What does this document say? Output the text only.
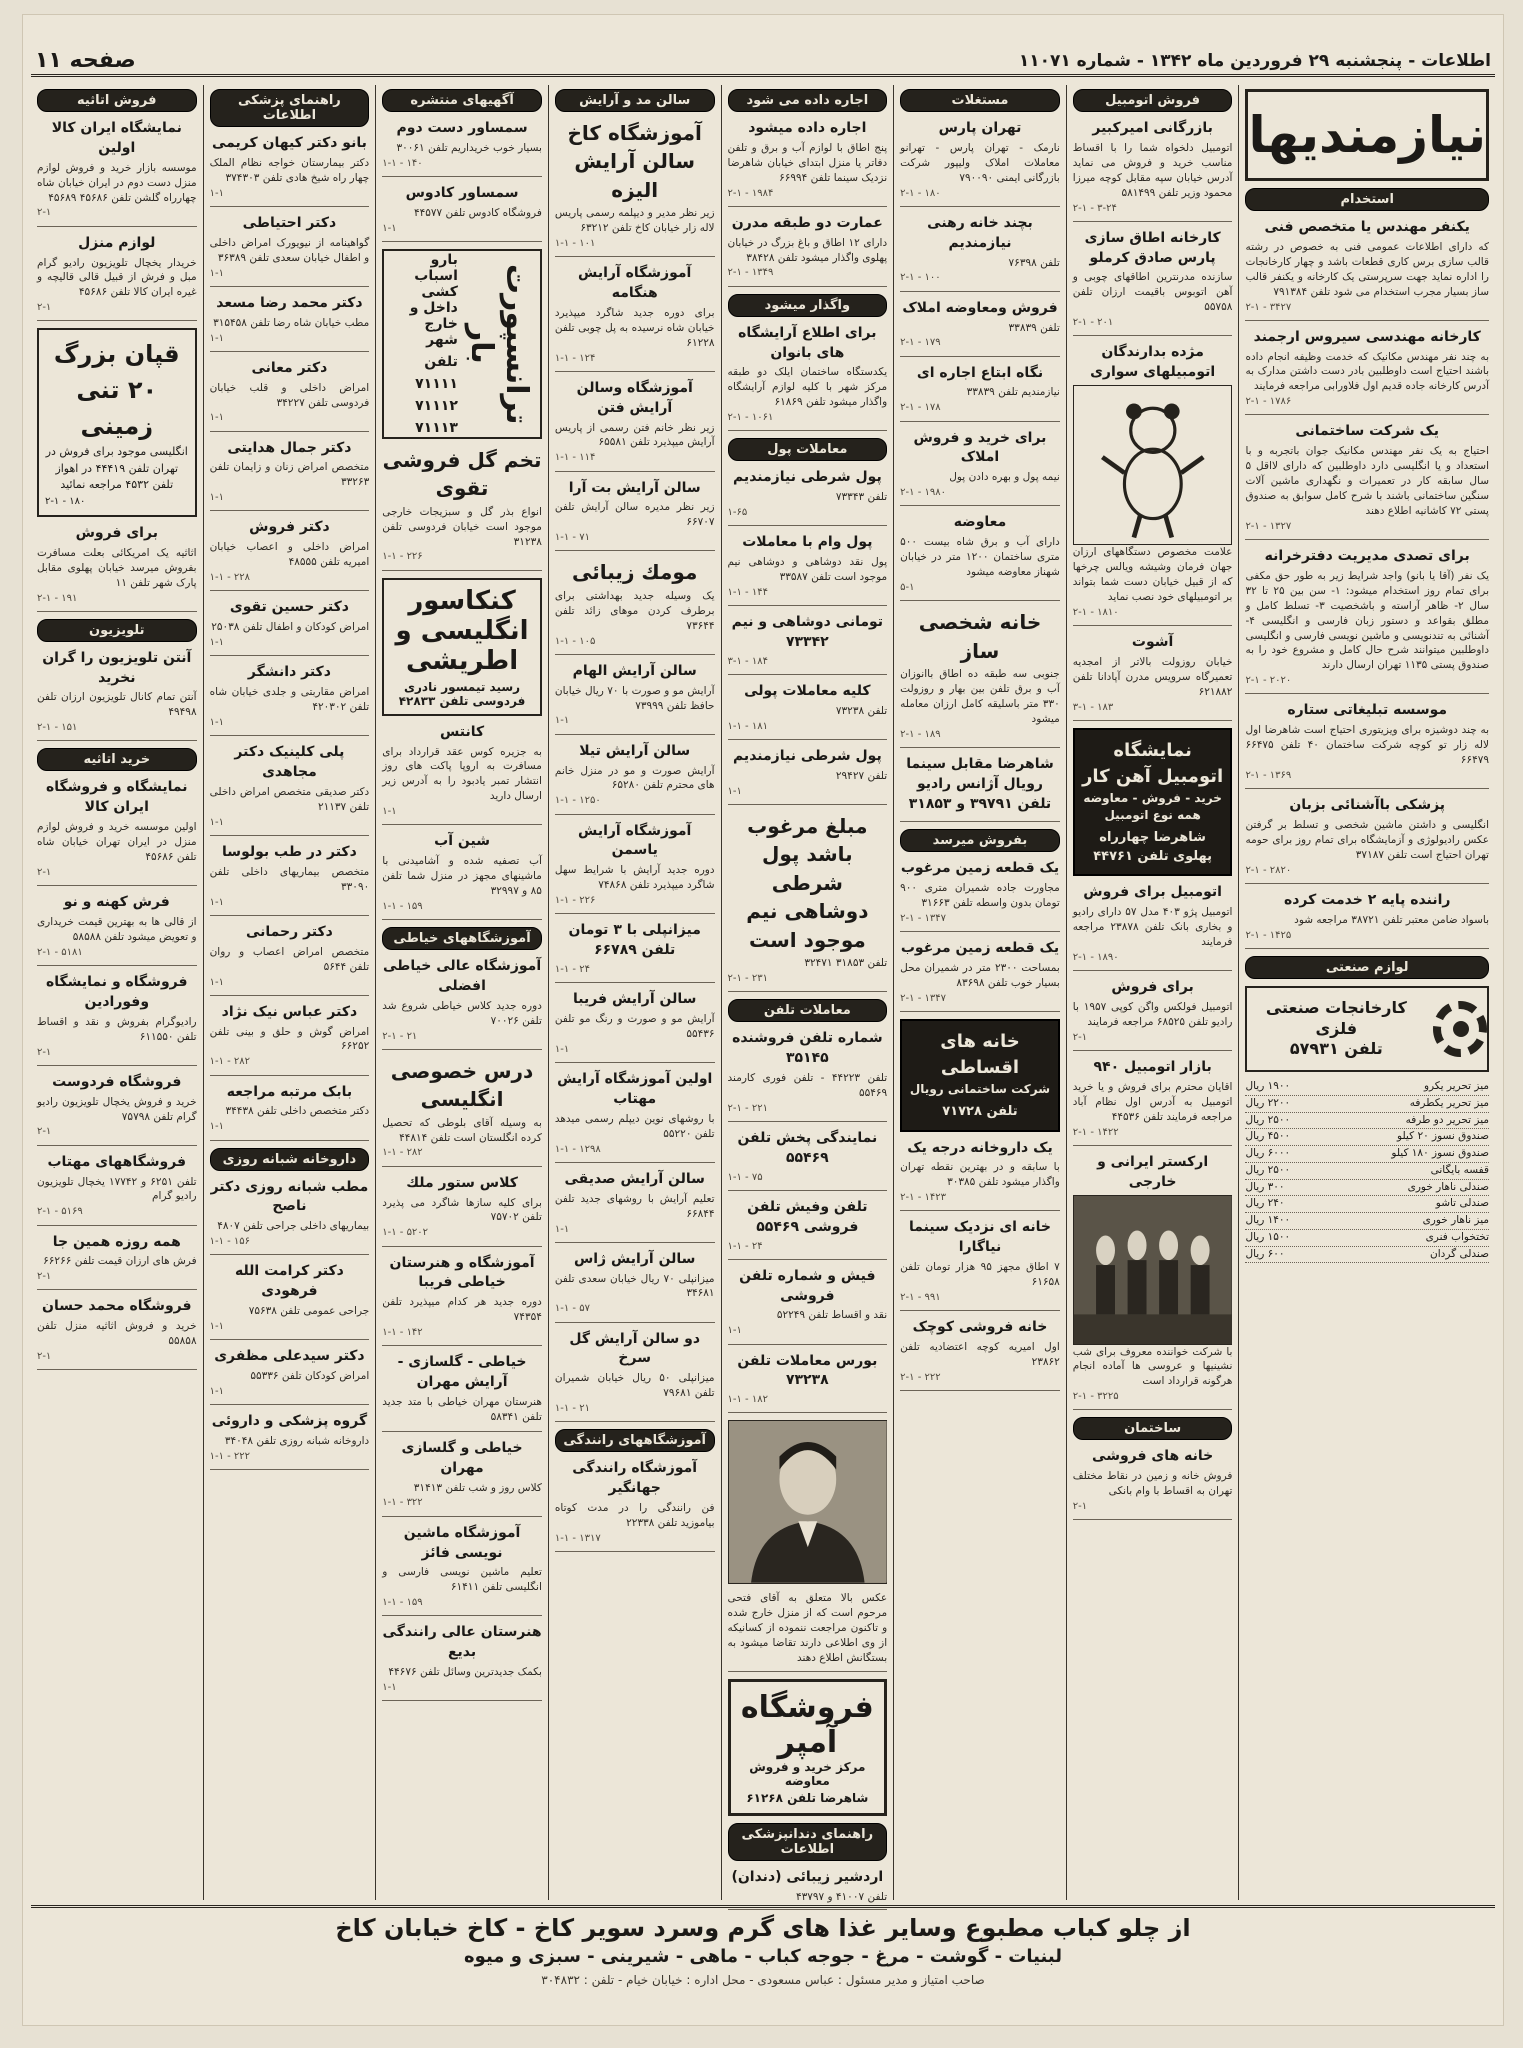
اطلاعات - پنجشنبه ۲۹ فروردین ماه ۱۳۴۲ - شماره ۱۱۰۷۱
صفحه ۱۱
نیازمندیها
استخدام
یکنفر مهندس یا متخصص فنی
که دارای اطلاعات عمومی فنی به خصوص در رشته قالب سازی برس کاری قطعات باشد و چهار کارخانجات را اداره نماید جهت سرپرستی یک کارخانه و یکنفر قالب ساز بسیار مجرب استخدام می شود تلفن ۷۹۱۳۸۴
۳۴۲۷ - ۲-۱
کارخانه مهندسی سیروس ارجمند
به چند نفر مهندس مکانیک که خدمت وظیفه انجام داده باشند احتیاج است داوطلبین بادر دست داشتن مدارک به آدرس کارخانه جاده قدیم اول فلاورابی مراجعه فرمایند
۱۷۸۶ - ۲-۱
یک شرکت ساختمانی
احتیاج به یک نفر مهندس مکانیک جوان باتجربه و با استعداد و یا انگلیسی دارد داوطلبین که دارای لااقل ۵ سال سابقه کار در تعمیرات و نگهداری ماشین آلات سنگین ساختمانی باشند با شرح کامل سوابق به صندوق پستی ۷۲ کاشانیه اطلاع دهند
۱۳۲۷ - ۲-۱
برای تصدی مدیریت دفترخرانه
یک نفر (آقا یا بانو) واجد شرایط زیر به طور حق مکفی برای تمام روز استخدام میشود: ۱- سن بین ۲۵ تا ۳۲ سال ۲- ظاهر آراسته و باشخصیت ۳- تسلط کامل و مطلق بقواعد و دستور زبان فارسی و انگلیسی ۴- آشنائی به تندنویسی و ماشین نویسی فارسی و انگلیسی داوطلبین میتوانند شرح حال کامل و مشروع خود را به صندوق پستی ۱۱۳۵ تهران ارسال دارند
۲۰۲۰ - ۲-۱
موسسه تبلیغاتی ستاره
به چند دوشیزه برای ویزیتوری احتیاج است شاهرضا اول لاله زار تو کوچه شرکت ساختمان ۴۰ تلفن ۶۶۴۷۵ ۶۶۴۷۹
۱۳۶۹ - ۲-۱
پزشکی باآشنائی بزبان
انگلیسی و داشتن ماشین شخصی و تسلط بر گرفتن عکس رادیولوژی و آزمایشگاه برای تمام روز برای حومه تهران احتیاج است تلفن ۳۷۱۸۷
۲۸۲۰ - ۲-۱
راننده پایه ۲ خدمت کرده
باسواد ضامن معتبر تلفن ۳۸۷۲۱ مراجعه شود
۱۴۲۵ - ۲-۱
لوازم صنعتی
کارخانجات صنعتی فلزی
تلفن ۵۷۹۳۱
میز تحریر یکرو
۱۹۰۰ ریال
میز تحریر یکطرفه
۲۲۰۰ ریال
میز تحریر دو طرفه
۲۵۰۰ ریال
صندوق نسوز ۲۰ کیلو
۴۵۰۰ ریال
صندوق نسوز ۱۸۰ کیلو
۶۰۰۰ ریال
قفسه بایگانی
۲۵۰۰ ریال
صندلی ناهار خوری
۳۰۰ ریال
صندلی تاشو
۲۴۰ ریال
میز ناهار خوری
۱۴۰۰ ریال
تختخواب فنری
۱۵۰۰ ریال
صندلی گردان
۶۰۰ ریال
فروش اتومبیل
بازرگانی امیرکبیر
اتومبیل دلخواه شما را با اقساط مناسب خرید و فروش می نماید آدرس خیابان سپه مقابل کوچه میرزا محمود وزیر تلفن ۵۸۱۴۹۹
۳-۲۴ - ۲-۱
کارخانه اطاق سازی پارس صادق کرملو
سازنده مدرنترین اطاقهای چوبی و آهن اتوبوس باقیمت ارزان تلفن ۵۵۷۵۸
۲۰۱ - ۲-۱
مژده بدارندگان اتومبیلهای سواری
علامت مخصوص دستگاههای ارزان جهان فرمان وشیشه ویالس چرخها که از قبیل خیابان دست شما بتواند بر اتومبیلهای خود نصب نماید
۱۸۱۰ - ۲-۱
آشوت
خیابان روزولت بالاتر از امجدیه تعمیرگاه سرویس مدرن آپادانا تلفن ۶۲۱۸۸۲
۱۸۳ - ۳-۱
نمایشگاه اتومبیل آهن کار
خرید - فروش - معاوضه
همه نوع اتومبیل
شاهرضا چهارراه پهلوی تلفن ۴۴۷۶۱
اتومبیل برای فروش
اتومبیل پژو ۴۰۳ مدل ۵۷ دارای رادیو و بخاری بانک تلفن ۲۳۸۷۸ مراجعه فرمایند
۱۸۹۰ - ۲-۱
برای فروش
اتومبیل فولکس واگن کوپی ۱۹۵۷ با رادیو تلفن ۶۸۵۲۵ مراجعه فرمایند
۲-۱
بازار اتومبیل ۹۴۰
اقایان محترم برای فروش و یا خرید اتومبیل به آدرس اول نظام آباد مراجعه فرمایند تلفن ۴۴۵۳۶
۱۴۲۲ - ۲-۱
ارکستر ایرانی و خارجی
با شرکت خواننده معروف برای شب نشینیها و عروسی ها آماده انجام هرگونه قرارداد است
۳۲۲۵ - ۲-۱
ساختمان
خانه های فروشی
فروش خانه و زمین در نقاط مختلف تهران به اقساط با وام بانکی
۲-۱
مستغلات
تهران پارس
نارمک - تهران پارس - تهرانو معاملات املاک ولیپور شرکت بازرگانی ایمنی ۷۹۰۰۹۰
۱۸۰ - ۲-۱
بچند خانه رهنی نیازمندیم
تلفن ۷۶۳۹۸
۱۰۰ - ۲-۱
فروش ومعاوضه املاک
تلفن ۳۳۸۳۹
۱۷۹ - ۲-۱
نگاه ابتاع اجاره ای
نیازمندیم تلفن ۳۳۸۳۹
۱۷۸ - ۲-۱
برای خرید و فروش املاک
نیمه پول و بهره دادن پول
۱۹۸۰ - ۲-۱
معاوضه
دارای آب و برق شاه بیست ۵۰۰ متری ساختمان ۱۲۰۰ متر در خیابان شهناز معاوضه میشود
۵-۱
خانه شخصی ساز
جنوبی سه طبقه ده اطاق باانوزان آب و برق تلفن بین بهار و روزولت ۳۳۰ متر باسلیقه کامل ارزان معامله میشود
۱۸۹ - ۲-۱
شاهرضا مقابل سینما رویال آژانس رادیو تلفن ۳۹۷۹۱ و ۳۱۸۵۳
بفروش میرسد
یک قطعه زمین مرغوب
مجاورت جاده شمیران متری ۹۰۰ تومان بدون واسطه تلفن ۳۱۶۶۳
۱۳۴۷ - ۲-۱
یک قطعه زمین مرغوب
بمساحت ۲۳۰۰ متر در شمیران محل بسیار خوب تلفن ۸۳۶۹۸
۱۳۴۷ - ۲-۱
خانه های اقساطی
شرکت ساختمانی رویال
تلفن ۷۱۷۲۸
یک داروخانه درجه یک
با سابقه و در بهترین نقطه تهران واگذار میشود تلفن ۳۰۳۸۵
۱۴۲۳ - ۲-۱
خانه ای نزدیک سینما نیاگارا
۷ اطاق مجهز ۹۵ هزار تومان تلفن ۶۱۶۵۸
۹۹۱ - ۲-۱
خانه فروشی کوچک
اول امیریه کوچه اعتضادیه تلفن ۲۳۸۶۲
۲۲۲ - ۲-۱
اجاره داده می شود
اجاره داده میشود
پنج اطاق با لوازم آب و برق و تلفن دفاتر یا منزل ابتدای خیابان شاهرضا نزدیک سینما تلفن ۶۶۹۹۴
۱۹۸۴ - ۲-۱
عمارت دو طبقه مدرن
دارای ۱۲ اطاق و باغ بزرگ در خیابان پهلوی واگذار میشود تلفن ۳۸۴۲۸
۱۳۴۹ - ۲-۱
واگذار میشود
برای اطلاع آرایشگاه های بانوان
یکدستگاه ساختمان ایلک دو طبقه مرکز شهر با کلیه لوازم آرایشگاه واگذار میشود تلفن ۶۱۸۶۹
۱۰۶۱ - ۲-۱
معاملات پول
پول شرطی نیازمندیم
تلفن ۷۳۳۴۳
۱-۶۵
پول وام با معاملات
پول نقد دوشاهی و دوشاهی نیم موجود است تلفن ۳۳۵۸۷
۱۴۴ - ۱-۱
تومانی دوشاهی و نیم ۷۳۳۴۲
۱۸۴ - ۳-۱
کلیه معاملات پولی
تلفن ۷۳۲۳۸
۱۸۱ - ۱-۱
پول شرطی نیازمندیم
تلفن ۲۹۴۲۷
۱-۱
مبلغ مرغوب باشد پول شرطی دوشاهی نیم موجود است
تلفن ۳۱۸۵۳ ۳۲۴۷۱
۲۳۱ - ۲-۱
معاملات تلفن
شماره تلفن فروشنده ۳۵۱۴۵
تلفن ۴۴۲۲۳ - تلفن فوری کارمند ۵۵۴۶۹
۲۲۱ - ۲-۱
نمایندگی پخش تلفن ۵۵۴۶۹
۷۵ - ۱-۱
تلفن وفیش تلفن فروشی ۵۵۴۶۹
۲۴ - ۱-۱
فیش و شماره تلفن فروشی
نقد و اقساط تلفن ۵۲۲۴۹
۱-۱
بورس معاملات تلفن ۷۳۲۳۸
۱۸۲ - ۱-۱
عکس بالا متعلق به آقای فتحی مرحوم است که از منزل خارج شده و تاکنون مراجعت ننموده از کسانیکه از وی اطلاعی دارند تقاضا میشود به بستگانش اطلاع دهند
فروشگاه آمپر
مرکز خرید و فروش معاوضه
شاهرضا تلفن ۶۱۲۶۸
راهنمای دندانپزشکی اطلاعات
اردشیر زیبائی (دندان)
تلفن ۴۱۰۰۷ و ۴۳۷۹۷
سالن مد و آرایش
آموزشگاه کاخ سالن آرایش الیزه
زیر نظر مدیر و دیپلمه رسمی پاریس لاله زار خیابان کاخ تلفن ۶۳۲۱۲
۱۰۱ - ۱-۱
آموزشگاه آرایش هنگامه
برای دوره جدید شاگرد میپذیرد خیابان شاه نرسیده به پل چوبی تلفن ۶۱۲۲۸
۱۲۴ - ۱-۱
آموزشگاه وسالن آرایش فتن
زیر نظر خانم فتن رسمی از پاریس آرایش میپذیرد تلفن ۶۵۵۸۱
۱۱۴ - ۱-۱
سالن آرایش بت آرا
زیر نظر مدیره سالن آرایش تلفن ۶۶۷۰۷
۷۱ - ۱-۱
مومك زیبائی
یک وسیله جدید بهداشتی برای برطرف کردن موهای زائد تلفن ۷۳۶۴۴
۱۰۵ - ۱-۱
سالن آرایش الهام
آرایش مو و صورت با ۷۰ ریال خیابان حافظ تلفن ۷۳۹۹۹
۱-۱
سالن آرایش تیلا
آرایش صورت و مو در منزل خانم های محترم تلفن ۶۵۲۸۰
۱۲۵۰ - ۱-۱
آموزشگاه آرایش یاسمن
دوره جدید آرایش با شرایط سهل شاگرد میپذیرد تلفن ۷۴۸۶۸
۲۲۶ - ۱-۱
میزانپلی با ۳ تومان تلفن ۶۶۷۸۹
۲۴ - ۱-۱
سالن آرایش فریبا
آرایش مو و صورت و رنگ مو تلفن ۵۵۴۳۶
۱-۱
اولین آموزشگاه آرایش مهتاب
با روشهای نوین دیپلم رسمی میدهد تلفن ۵۵۲۲۰
۱۲۹۸ - ۱-۱
سالن آرایش صدیقی
تعلیم آرایش با روشهای جدید تلفن ۶۶۸۴۴
۱-۱
سالن آرایش ژاس
میزانپلی ۷۰ ریال خیابان سعدی تلفن ۳۴۶۸۱
۵۷ - ۱-۱
دو سالن آرایش گل سرخ
میزانپلی ۵۰ ریال خیابان شمیران تلفن ۷۹۶۸۱
۲۱ - ۱-۱
آموزشگاههای رانندگی
آموزشگاه رانندگی جهانگیر
فن رانندگی را در مدت کوتاه بیاموزید تلفن ۲۲۳۳۸
۱۳۱۷ - ۱-۱
آگهیهای منتشره
سمساور دست دوم
بسیار خوب خریداریم تلفن ۳۰۰۶۱
۱۴۰ - ۱-۱
سمساور کادوس
فروشگاه کادوس تلفن ۴۴۵۷۷
۱-۱
ترانسپورت بار
بارو اسباب کشی داخل و خارج شهر
تلفن
۷۱۱۱۱
۷۱۱۱۲
۷۱۱۱۳
تخم گل فروشی تقوی
انواع بذر گل و سبزیجات خارجی موجود است خیابان فردوسی تلفن ۳۱۲۳۸
۲۲۶ - ۱-۱
کنکاسور انگلیسی و اطریشی
رسید تیمسور نادری فردوسی تلفن ۴۲۸۳۳
کانتس
به جزیره کوس عقد قرارداد برای مسافرت به اروپا پاکت های روز انتشار تمبر یادبود را به آدرس زیر ارسال دارید
۱-۱
شین آب
آب تصفیه شده و آشامیدنی با ماشینهای مجهز در منزل شما تلفن ۸۵ و ۳۲۹۹۷
۱۵۹ - ۱-۱
آموزشگاههای خیاطی
آموزشگاه عالی خیاطی افضلی
دوره جدید کلاس خیاطی شروع شد تلفن ۷۰۰۲۶
۲۱ - ۲-۱
درس خصوصی انگلیسی
به وسیله آقای بلوطی که تحصیل کرده انگلستان است تلفن ۴۴۸۱۴
۲۸۲ - ۱-۱
کلاس ستور ملك
برای کلیه سازها شاگرد می پذیرد تلفن ۷۵۷۰۲
۵۲۰۲ - ۱-۱
آموزشگاه و هنرستان خیاطی فریبا
دوره جدید هر کدام میپذیرد تلفن ۷۴۳۵۴
۱۴۲ - ۱-۱
خیاطی - گلسازی - آرایش مهران
هنرستان مهران خیاطی با متد جدید تلفن ۵۸۳۴۱
خیاطی و گلسازی مهران
کلاس روز و شب تلفن ۳۱۴۱۳
۳۲۲ - ۱-۱
آموزشگاه ماشین نویسی فائز
تعلیم ماشین نویسی فارسی و انگلیسی تلفن ۶۱۴۱۱
۱۵۹ - ۱-۱
هنرستان عالی رانندگی بدیع
بکمک جدیدترین وسائل تلفن ۴۴۶۷۶
۱-۱
راهنمای پزشکی اطلاعات
بانو دکتر کیهان کریمی
دکتر بیمارستان خواجه نظام الملک چهار راه شیخ هادی تلفن ۳۷۴۳۰۳
۱-۱
دکتر احتیاطی
گواهینامه از نیویورک امراض داخلی و اطفال خیابان سعدی تلفن ۳۶۳۸۹
۱-۱
دکتر محمد رضا مسعد
مطب خیابان شاه رضا تلفن ۳۱۵۴۵۸
۱-۱
دکتر معانی
امراض داخلی و قلب خیابان فردوسی تلفن ۳۴۲۲۷
۱-۱
دکتر جمال هدایتی
متخصص امراض زنان و زایمان تلفن ۳۳۲۶۳
۱-۱
دکتر فروش
امراض داخلی و اعصاب خیابان امیریه تلفن ۴۸۵۵۵
۲۲۸ - ۱-۱
دکتر حسین تقوی
امراض کودکان و اطفال تلفن ۲۵۰۳۸
۱-۱
دکتر دانشگر
امراض مقاربتی و جلدی خیابان شاه تلفن ۴۲۰۳۰۲
۱-۱
پلی کلینیک دکتر مجاهدی
دکتر صدیقی متخصص امراض داخلی تلفن ۲۱۱۳۷
۱-۱
دکتر در طب بولوسا
متخصص بیماریهای داخلی تلفن ۳۳۰۹۰
۱-۱
دکتر رحمانی
متخصص امراض اعصاب و روان تلفن ۵۶۴۴
۱-۱
دکتر عباس نیک نژاد
امراض گوش و حلق و بینی تلفن ۶۶۲۵۲
۲۸۲ - ۱-۱
بابک مرتبه مراجعه
دکتر متخصص داخلی تلفن ۳۴۴۳۸
۱-۱
داروخانه شبانه روزی
مطب شبانه روزی دکتر ناصح
بیماریهای داخلی جراحی تلفن ۴۸۰۷
۱۵۶ - ۱-۱
دکتر کرامت الله فرهودی
جراحی عمومی تلفن ۷۵۶۳۸
۱-۱
دکتر سیدعلی مظفری
امراض کودکان تلفن ۵۵۳۳۶
۱-۱
گروه پزشکی و داروئی
داروخانه شبانه روزی تلفن ۳۴۰۴۸
۲۲۲ - ۱-۱
فروش اتاثیه
نمایشگاه ایران کالا اولین
موسسه بازار خرید و فروش لوازم منزل دست دوم در ایران خیابان شاه چهارراه گلشن تلفن ۴۵۶۸۶ ۴۵۶۸۹
۲-۱
لوازم منزل
خریدار یخچال تلویزیون رادیو گرام مبل و فرش از قبیل قالی قالیچه و غیره ایران کالا تلفن ۴۵۶۸۶
۲-۱
قپان بزرگ ۲۰ تنی زمینی
انگلیسی موجود برای فروش در تهران تلفن ۴۴۴۱۹ در اهواز تلفن ۴۵۳۲ مراجعه نمائید
۱۸۰ - ۲-۱
برای فروش
اثاثیه یک امریکائی بعلت مسافرت بفروش میرسد خیابان پهلوی مقابل پارک شهر تلفن ۱۱
۱۹۱ - ۲-۱
تلویزیون
آنتن تلویزیون را گران نخرید
آنتن تمام کانال تلویزیون ارزان تلفن ۴۹۴۹۸
۱۵۱ - ۲-۱
خرید اتاثیه
نمایشگاه و فروشگاه ایران کالا
اولین موسسه خرید و فروش لوازم منزل در ایران تهران خیابان شاه تلفن ۴۵۶۸۶
۲-۱
فرش کهنه و نو
از قالی ها به بهترین قیمت خریداری و تعویض میشود تلفن ۵۸۵۸۸
۵۱۸۱ - ۲-۱
فروشگاه و نمایشگاه وفورادین
رادیوگرام بفروش و نقد و اقساط تلفن ۶۱۱۵۵۰
۲-۱
فروشگاه فردوست
خرید و فروش یخچال تلویزیون رادیو گرام تلفن ۷۵۷۹۸
۲-۱
فروشگاههای مهتاب
تلفن ۶۲۵۱ و ۱۷۷۴۲ یخچال تلویزیون رادیو گرام
۵۱۶۹ - ۲-۱
همه روزه همین جا
فرش های ارزان قیمت تلفن ۶۶۲۶۶
۲-۱
فروشگاه محمد حسان
خرید و فروش اثاثیه منزل تلفن ۵۵۸۵۸
۲-۱
از چلو کباب مطبوع وسایر غذا های گرم وسرد سویر کاخ - کاخ خیابان کاخ
لبنیات - گوشت - مرغ - جوجه کباب - ماهی - شیرینی - سبزی و میوه
صاحب امتیاز و مدیر مسئول : عباس مسعودی - محل اداره : خیابان خیام - تلفن : ۳۰۴۸۳۲
